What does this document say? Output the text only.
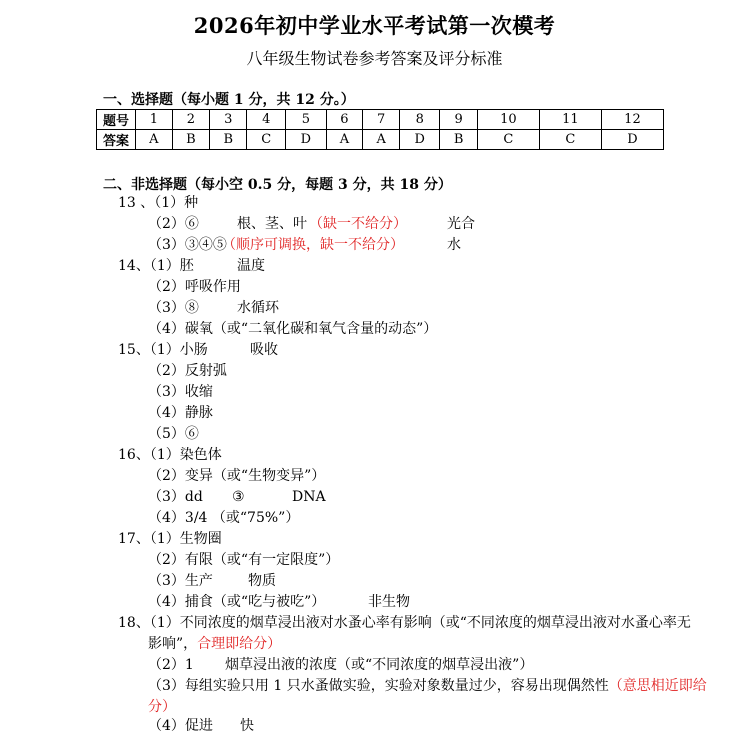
2026年初中学业水平考试第一次模考
八年级生物试卷参考答案及评分标准
一、选择题（每小题 1 分，共 12 分。）
题号	1	2	3	4	5	6	7	8	9	10	11	12
答案	A	B	B	C	D	A	A	D	B	C	C	D
二、非选择题（每小空 0.5 分，每题 3 分，共 18 分）
13 、（1）种
（2）⑥	根、茎、叶 （缺一不给分）	光合
（3）③④⑤
（顺序可调换，缺一不给分）	水
14、（1）胚	温度
（2）呼吸作用
（3）⑧	水循环
（4）碳氧（或“二氧化碳和氧气含量的动态”）
15、（1）小肠	吸收
（2）反射弧
（3）收缩
（4）静脉
（5）⑥
16、（1）染色体
（2）变异（或“生物变异”）
（3）dd ③	DNA
（4）3/4 （或“75%”）
17、（1）生物圈
（2）有限（或“有一定限度”）
（3）生产	物质
（4）捕食（或“吃与被吃”）	非生物
18、（1）不同浓度的烟草浸出液对水蚤心率有影响（或“不同浓度的烟草浸出液对水蚤心率无
影响”，合理即给分）
（2）1 烟草浸出液的浓度（或“不同浓度的烟草浸出液”）
（3）每组实验只用 1 只水蚤做实验，实验对象数量过少，容易出现偶然性（意思相近即给
分）
（4）促进 快
